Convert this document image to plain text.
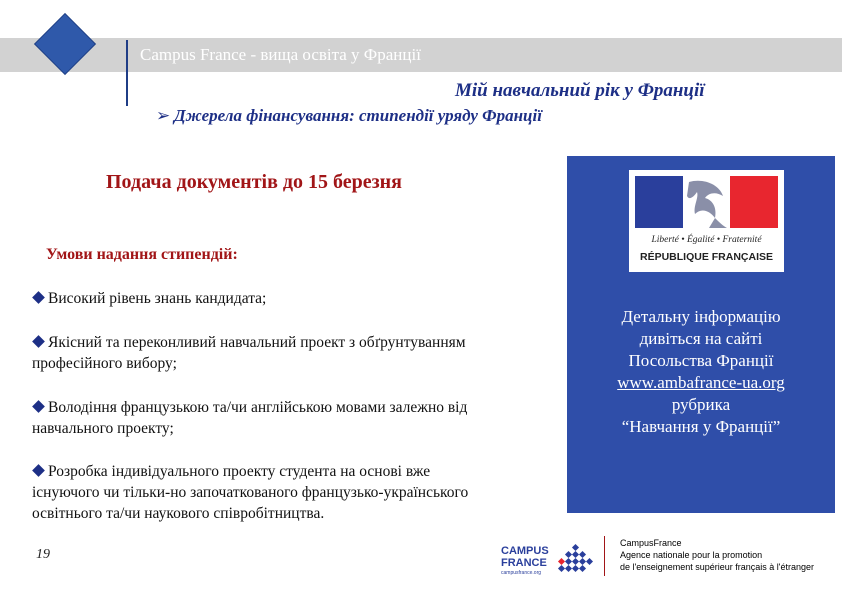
Campus France - вища освіта у Франції
Мій навчальний рік у Франції
➢ Джерела фінансування: стипендії уряду Франції
Подача документів до 15 березня
Умови надання стипендій:
Високий рівень знань кандидата;
Якісний та переконливий навчальний проект з обґрунтуванням
професійного вибору;
Володіння французькою та/чи англійською мовами залежно від
навчального проекту;
Розробка індивідуального проекту студента на основі вже
існуючого чи тільки-но започаткованого французько-українського
освітнього та/чи наукового співробітництва.
Liberté • Égalité • Fraternité
RÉPUBLIQUE FRANÇAISE
Детальну інформацію
дивіться на сайті
Посольства Франції
www.ambafrance-ua.org
рубрика
“Навчання у Франції”
19	CAMPUS
FRANCE
campusfrance.org
CampusFrance
Agence nationale pour la promotion
de l'enseignement supérieur français à l'étranger
